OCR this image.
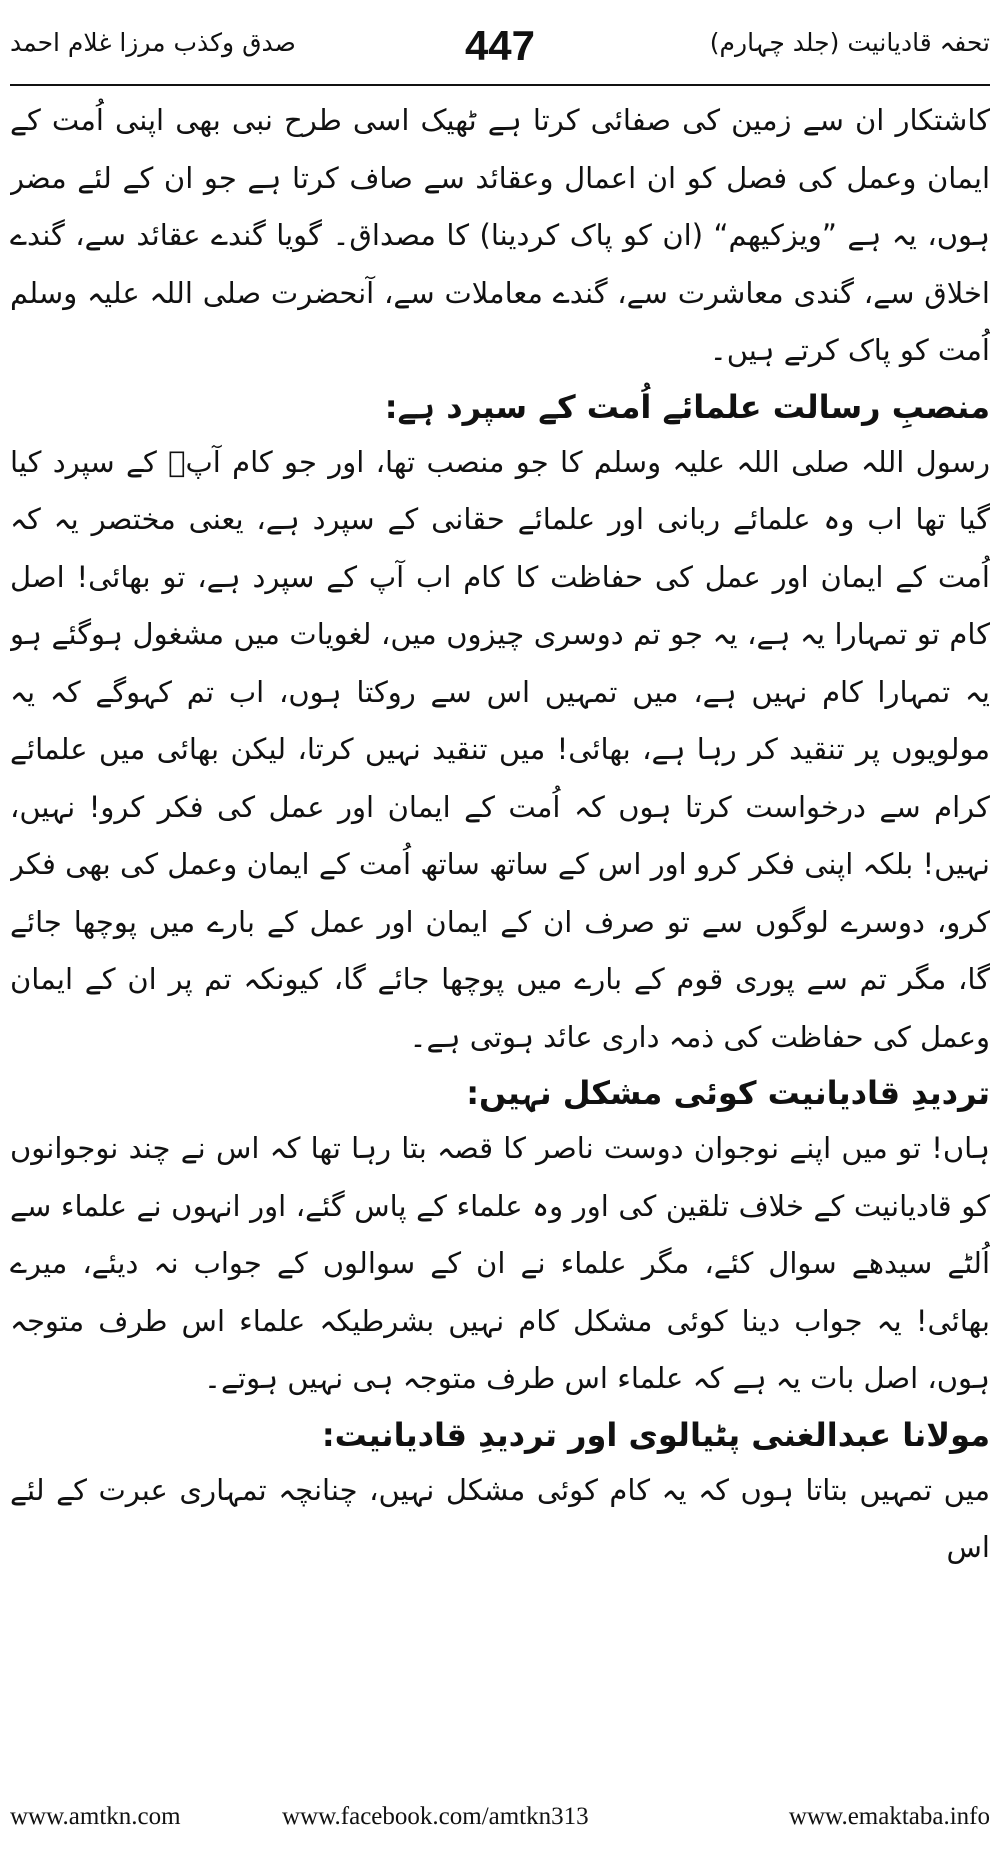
تحفہ قادیانیت (جلد چہارم)
447
صدق وکذب مرزا غلام احمد

کاشتکار ان سے زمین کی صفائی کرتا ہے ٹھیک اسی طرح نبی بھی اپنی اُمت کے ایمان وعمل کی فصل کو ان اعمال وعقائد سے صاف کرتا ہے جو ان کے لئے مضر ہوں، یہ ہے ”ویزکیھم“ (ان کو پاک کردینا) کا مصداق۔ گویا گندے عقائد سے، گندے اخلاق سے، گندی معاشرت سے، گندے معاملات سے، آنحضرت صلی اللہ علیہ وسلم اُمت کو پاک کرتے ہیں۔

منصبِ رسالت علمائے اُمت کے سپرد ہے:

رسول اللہ صلی اللہ علیہ وسلم کا جو منصب تھا، اور جو کام آپؐ کے سپرد کیا گیا تھا اب وہ علمائے ربانی اور علمائے حقانی کے سپرد ہے، یعنی مختصر یہ کہ اُمت کے ایمان اور عمل کی حفاظت کا کام اب آپ کے سپرد ہے، تو بھائی! اصل کام تو تمہارا یہ ہے، یہ جو تم دوسری چیزوں میں، لغویات میں مشغول ہوگئے ہو یہ تمہارا کام نہیں ہے، میں تمہیں اس سے روکتا ہوں، اب تم کہوگے کہ یہ مولویوں پر تنقید کر رہا ہے، بھائی! میں تنقید نہیں کرتا، لیکن بھائی میں علمائے کرام سے درخواست کرتا ہوں کہ اُمت کے ایمان اور عمل کی فکر کرو! نہیں، نہیں! بلکہ اپنی فکر کرو اور اس کے ساتھ ساتھ اُمت کے ایمان وعمل کی بھی فکر کرو، دوسرے لوگوں سے تو صرف ان کے ایمان اور عمل کے بارے میں پوچھا جائے گا، مگر تم سے پوری قوم کے بارے میں پوچھا جائے گا، کیونکہ تم پر ان کے ایمان وعمل کی حفاظت کی ذمہ داری عائد ہوتی ہے۔

تردیدِ قادیانیت کوئی مشکل نہیں:

ہاں! تو میں اپنے نوجوان دوست ناصر کا قصہ بتا رہا تھا کہ اس نے چند نوجوانوں کو قادیانیت کے خلاف تلقین کی اور وہ علماء کے پاس گئے، اور انہوں نے علماء سے اُلٹے سیدھے سوال کئے، مگر علماء نے ان کے سوالوں کے جواب نہ دیئے، میرے بھائی! یہ جواب دینا کوئی مشکل کام نہیں بشرطیکہ علماء اس طرف متوجہ ہوں، اصل بات یہ ہے کہ علماء اس طرف متوجہ ہی نہیں ہوتے۔

مولانا عبدالغنی پٹیالوی اور تردیدِ قادیانیت:

میں تمہیں بتاتا ہوں کہ یہ کام کوئی مشکل نہیں، چنانچہ تمہاری عبرت کے لئے اس

www.amtkn.com	www.facebook.com/amtkn313	www.emaktaba.info
